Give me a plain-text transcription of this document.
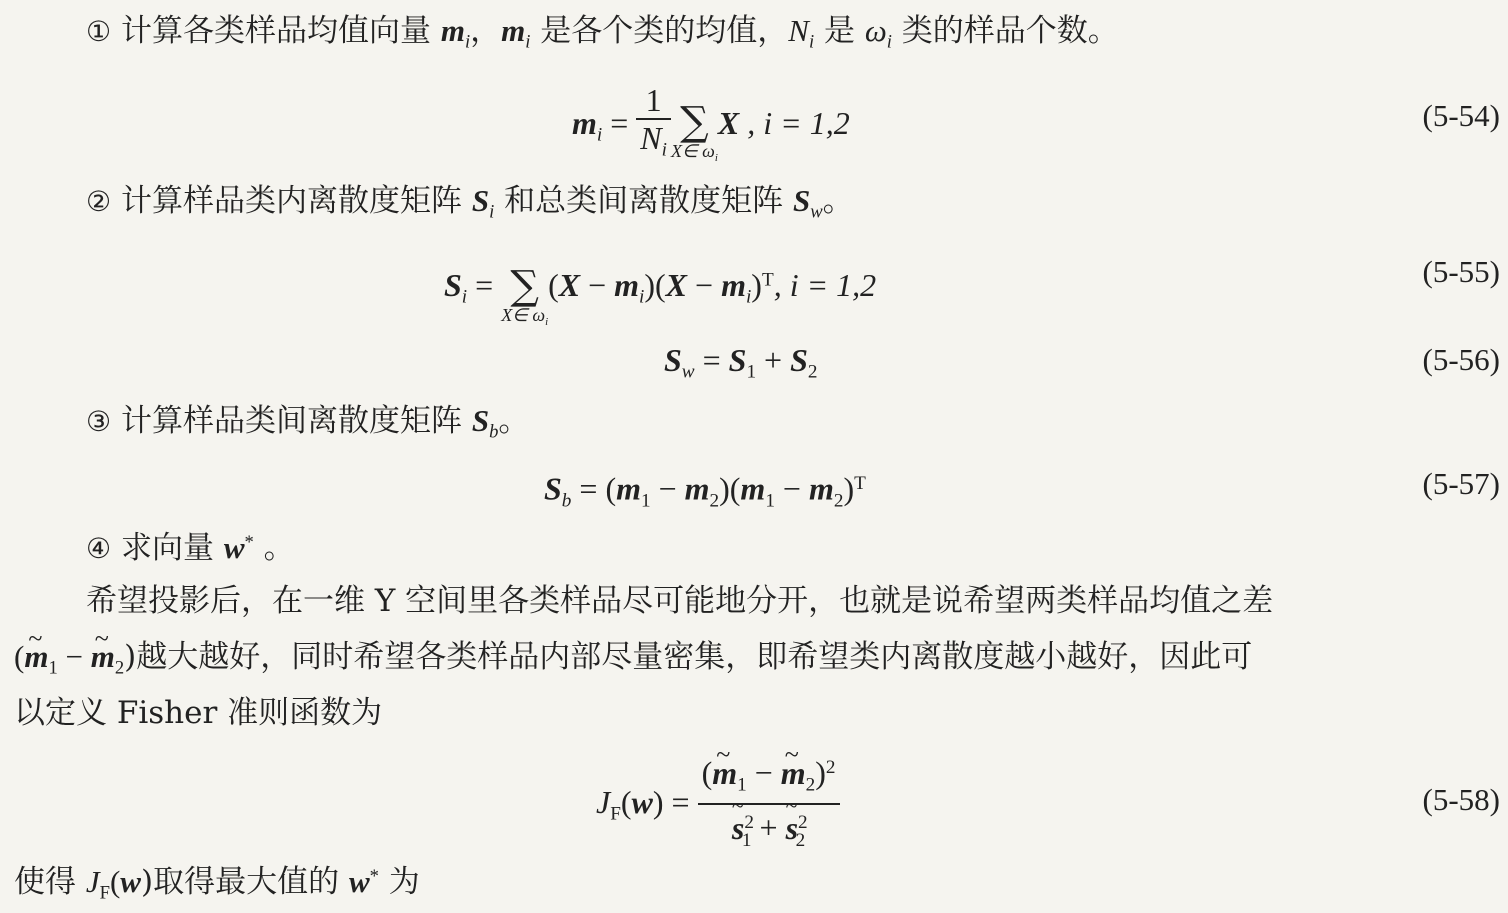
① 计算各类样品均值向量 $m_i$，$m_i$ 是各个类的均值，$N_i$ 是 $\omega_i$ 类的样品个数。
$m_i = \frac{1}{N_i}$ ∑
X∈ $\omega_i$
X , i = 1,2	(5-54)
② 计算样品类内离散度矩阵 $S_i$ 和总类间离散度矩阵 $S_w$。
$S_i$ = ∑
X∈ $\omega_i$
$(X - m_i)(X - m_i)^T$, i = 1,2	(5-55)
$S_w = S_1 + S_2$	(5-56)
③ 计算样品类间离散度矩阵 $S_b$。
$S_b = (m_1 - m_2)(m_1 - m_2)^T$	(5-57)
④ 求向量 w* 。
希望投影后，在一维 Y 空间里各类样品尽可能地分开，也就是说希望两类样品均值之差
(~ $m_1$ − ~ $m_2$)越大越好，同时希望各类样品内部尽量密集，即希望类内离散度越小越好，因此可
以定义 Fisher 准则函数为
$J_F(w)$ = (~ $m_1$ − ~ $m_2)^2$
~ $s^2_1$ + ~ $s^2_2$	(5-58)
使得 $J_F(w)$取得最大值的 w* 为
